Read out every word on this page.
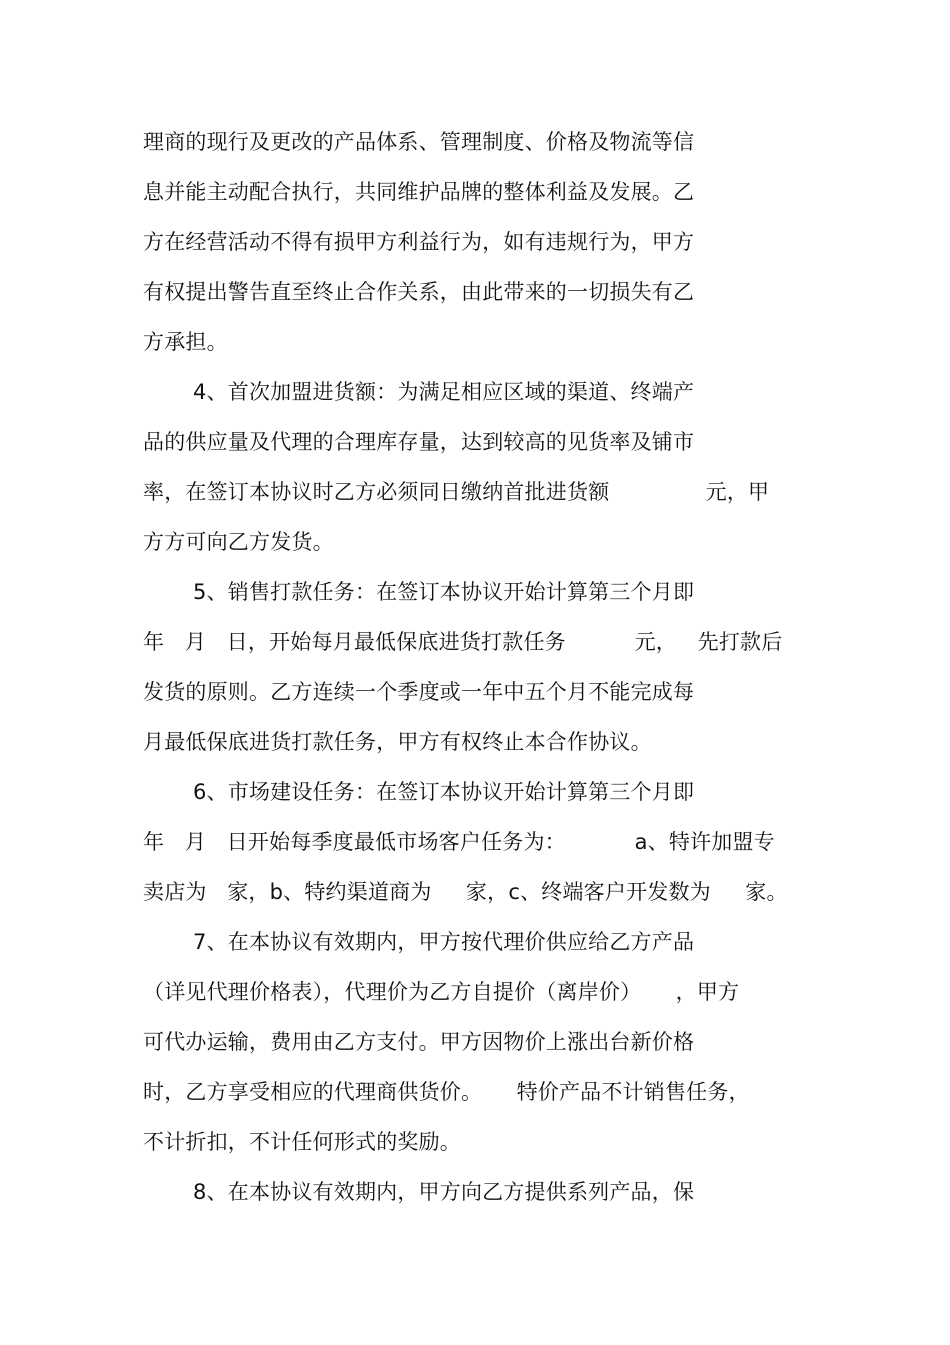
理商的现行及更改的产品体系、管理制度、价格及物流等信
息并能主动配合执行，共同维护品牌的整体利益及发展。乙
方在经营活动不得有损甲方利益行为，如有违规行为，甲方
有权提出警告直至终止合作关系，由此带来的一切损失有乙
方承担。
4、首次加盟进货额：为满足相应区域的渠道、终端产
品的供应量及代理的合理库存量，达到较高的见货率及铺市
率，在签订本协议时乙方必须同日缴纳首批进货额              元，甲
方方可向乙方发货。
5、销售打款任务：在签订本协议开始计算第三个月即
年   月   日，开始每月最低保底进货打款任务          元，   先打款后
发货的原则。乙方连续一个季度或一年中五个月不能完成每
月最低保底进货打款任务，甲方有权终止本合作协议。
6、市场建设任务：在签订本协议开始计算第三个月即
年   月   日开始每季度最低市场客户任务为：          a、特许加盟专
卖店为   家，b、特约渠道商为     家，c、终端客户开发数为     家。
7、在本协议有效期内，甲方按代理价供应给乙方产品
（详见代理价格表），代理价为乙方自提价（离岸价）     ，甲方
可代办运输，费用由乙方支付。甲方因物价上涨出台新价格
时，乙方享受相应的代理商供货价。     特价产品不计销售任务，
不计折扣，不计任何形式的奖励。
8、在本协议有效期内，甲方向乙方提供系列产品，保
